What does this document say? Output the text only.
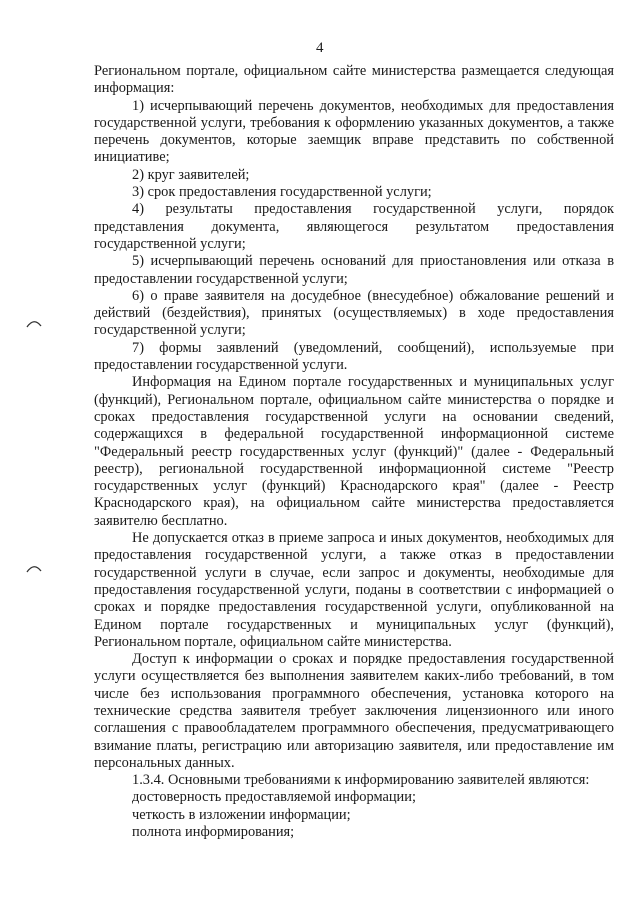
4

Региональном портале, официальном сайте министерства размещается следующая информация:

1) исчерпывающий перечень документов, необходимых для предоставления государственной услуги, требования к оформлению указанных документов, а также перечень документов, которые заемщик вправе представить по собственной инициативе;

2) круг заявителей;

3) срок предоставления государственной услуги;

4) результаты предоставления государственной услуги, порядок представления документа, являющегося результатом предоставления государственной услуги;

5) исчерпывающий перечень оснований для приостановления или отказа в предоставлении государственной услуги;

6) о праве заявителя на досудебное (внесудебное) обжалование решений и действий (бездействия), принятых (осуществляемых) в ходе предоставления государственной услуги;

7) формы заявлений (уведомлений, сообщений), используемые при предоставлении государственной услуги.

Информация на Едином портале государственных и муниципальных услуг (функций), Региональном портале, официальном сайте министерства о порядке и сроках предоставления государственной услуги на основании сведений, содержащихся в федеральной государственной информационной системе "Федеральный реестр государственных услуг (функций)" (далее - Федеральный реестр), региональной государственной информационной системе "Реестр государственных услуг (функций) Краснодарского края" (далее - Реестр Краснодарского края), на официальном сайте министерства предоставляется заявителю бесплатно.

Не допускается отказ в приеме запроса и иных документов, необходимых для предоставления государственной услуги, а также отказ в предоставлении государственной услуги в случае, если запрос и документы, необходимые для предоставления государственной услуги, поданы в соответствии с информацией о сроках и порядке предоставления государственной услуги, опубликованной на Едином портале государственных и муниципальных услуг (функций), Региональном портале, официальном сайте министерства.

Доступ к информации о сроках и порядке предоставления государственной услуги осуществляется без выполнения заявителем каких-либо требований, в том числе без использования программного обеспечения, установка которого на технические средства заявителя требует заключения лицензионного или иного соглашения с правообладателем программного обеспечения, предусматривающего взимание платы, регистрацию или авторизацию заявителя, или предоставление им персональных данных.

1.3.4. Основными требованиями к информированию заявителей являются:

достоверность предоставляемой информации;

четкость в изложении информации;

полнота информирования;
